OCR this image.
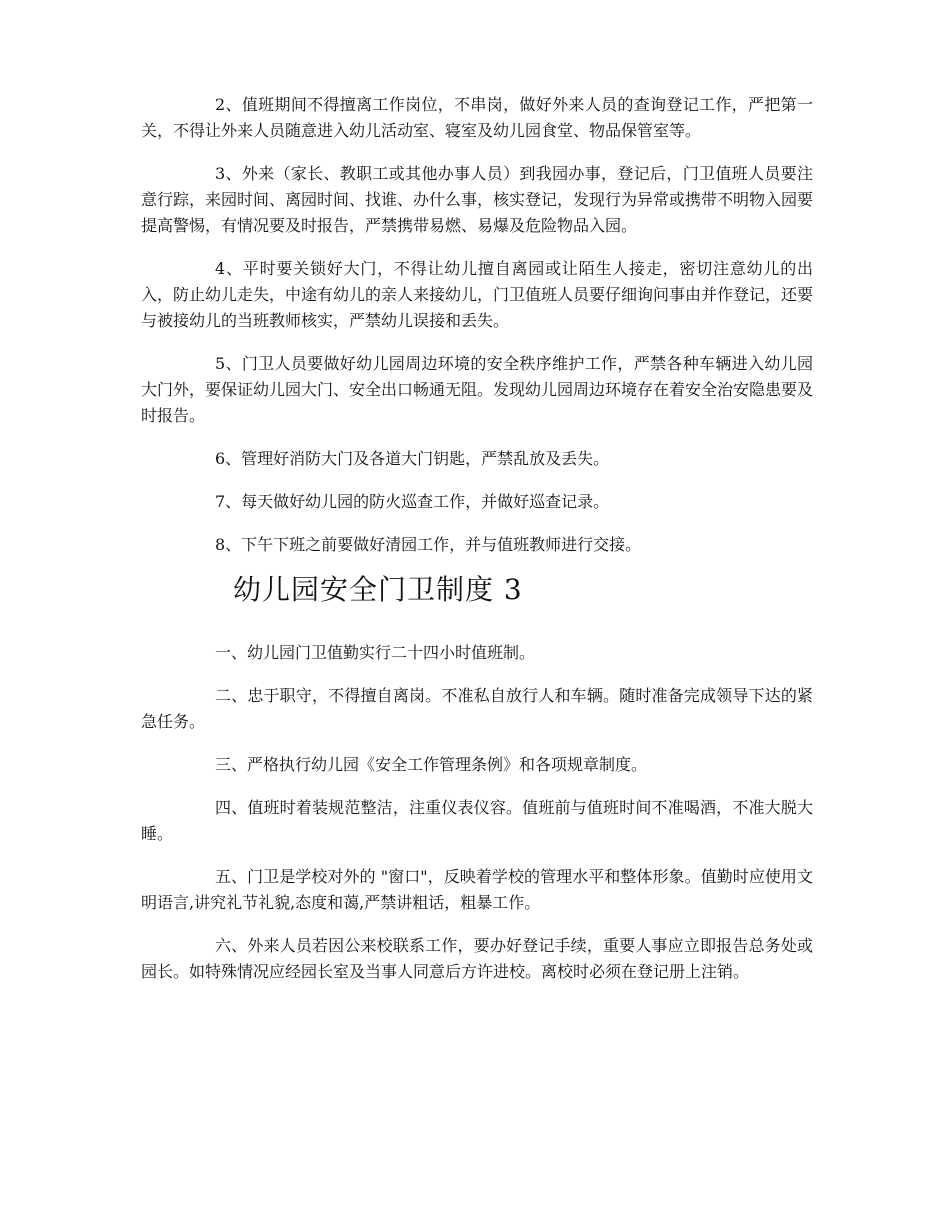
2、值班期间不得擅离工作岗位，不串岗，做好外来人员的查询登记工作，严把第一关，不得让外来人员随意进入幼儿活动室、寝室及幼儿园食堂、物品保管室等。

3、外来（家长、教职工或其他办事人员）到我园办事，登记后，门卫值班人员要注意行踪，来园时间、离园时间、找谁、办什么事，核实登记，发现行为异常或携带不明物入园要提高警惕，有情况要及时报告，严禁携带易燃、易爆及危险物品入园。

4、平时要关锁好大门，不得让幼儿擅自离园或让陌生人接走，密切注意幼儿的出入，防止幼儿走失，中途有幼儿的亲人来接幼儿，门卫值班人员要仔细询问事由并作登记，还要与被接幼儿的当班教师核实，严禁幼儿误接和丢失。

5、门卫人员要做好幼儿园周边环境的安全秩序维护工作，严禁各种车辆进入幼儿园大门外，要保证幼儿园大门、安全出口畅通无阻。发现幼儿园周边环境存在着安全治安隐患要及时报告。

6、管理好消防大门及各道大门钥匙，严禁乱放及丢失。

7、每天做好幼儿园的防火巡查工作，并做好巡查记录。

8、下午下班之前要做好清园工作，并与值班教师进行交接。

幼儿园安全门卫制度 3

一、幼儿园门卫值勤实行二十四小时值班制。

二、忠于职守，不得擅自离岗。不准私自放行人和车辆。随时准备完成领导下达的紧急任务。

三、严格执行幼儿园《安全工作管理条例》和各项规章制度。

四、值班时着装规范整洁，注重仪表仪容。值班前与值班时间不准喝酒，不准大脱大睡。

五、门卫是学校对外的 "窗口"，反映着学校的管理水平和整体形象。值勤时应使用文明语言,讲究礼节礼貌,态度和蔼,严禁讲粗话，粗暴工作。

六、外来人员若因公来校联系工作，要办好登记手续，重要人事应立即报告总务处或园长。如特殊情况应经园长室及当事人同意后方许进校。离校时必须在登记册上注销。
